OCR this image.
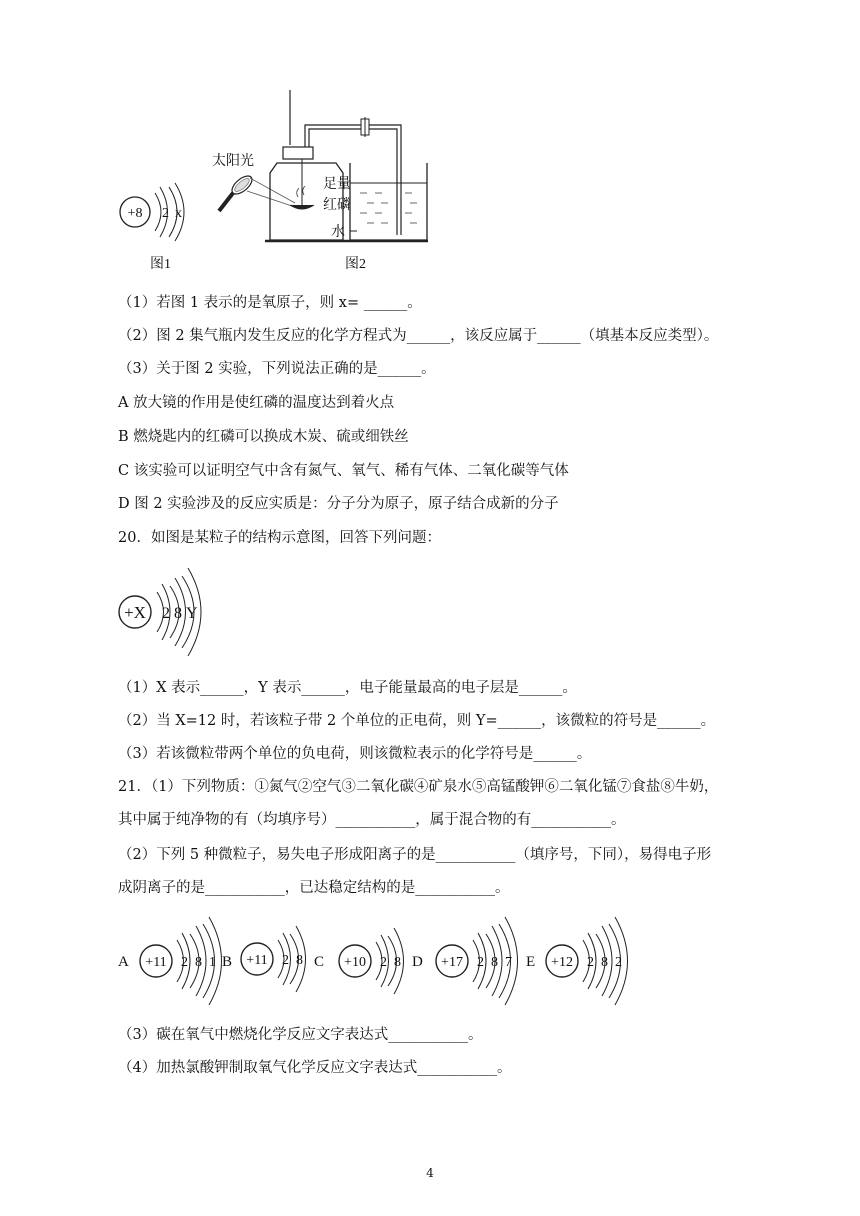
+8 2 x
图1
太阳光
足量
红磷
水
图2
（1）若图 1 表示的是氧原子，则 x= ______。
（2）图 2 集气瓶内发生反应的化学方程式为______，该反应属于______（填基本反应类型）。
（3）关于图 2 实验，下列说法正确的是______。
A 放大镜的作用是使红磷的温度达到着火点
B 燃烧匙内的红磷可以换成木炭、硫或细铁丝
C 该实验可以证明空气中含有氮气、氧气、稀有气体、二氧化碳等气体
D 图 2 实验涉及的反应实质是：分子分为原子，原子结合成新的分子
20．如图是某粒子的结构示意图，回答下列问题：
+X 2 8 Y
（1）X 表示______，Y 表示______，电子能量最高的电子层是______。
（2）当 X=12 时，若该粒子带 2 个单位的正电荷，则 Y=______，该微粒的符号是______。
（3）若该微粒带两个单位的负电荷，则该微粒表示的化学符号是______。
21．（1）下列物质：①氮气②空气③二氧化碳④矿泉水⑤高锰酸钾⑥二氧化锰⑦食盐⑧牛奶，
其中属于纯净物的有（均填序号）___________，属于混合物的有___________。
（2）下列 5 种微粒子，易失电子形成阳离子的是___________（填序号，下同），易得电子形
成阴离子的是___________，已达稳定结构的是___________。
A +11 2 8 1 B +11 2 8 C +10 2 8 D +17 2 8 7 E +12 2 8 2
（3）碳在氧气中燃烧化学反应文字表达式___________。
（4）加热氯酸钾制取氧气化学反应文字表达式___________。
4
